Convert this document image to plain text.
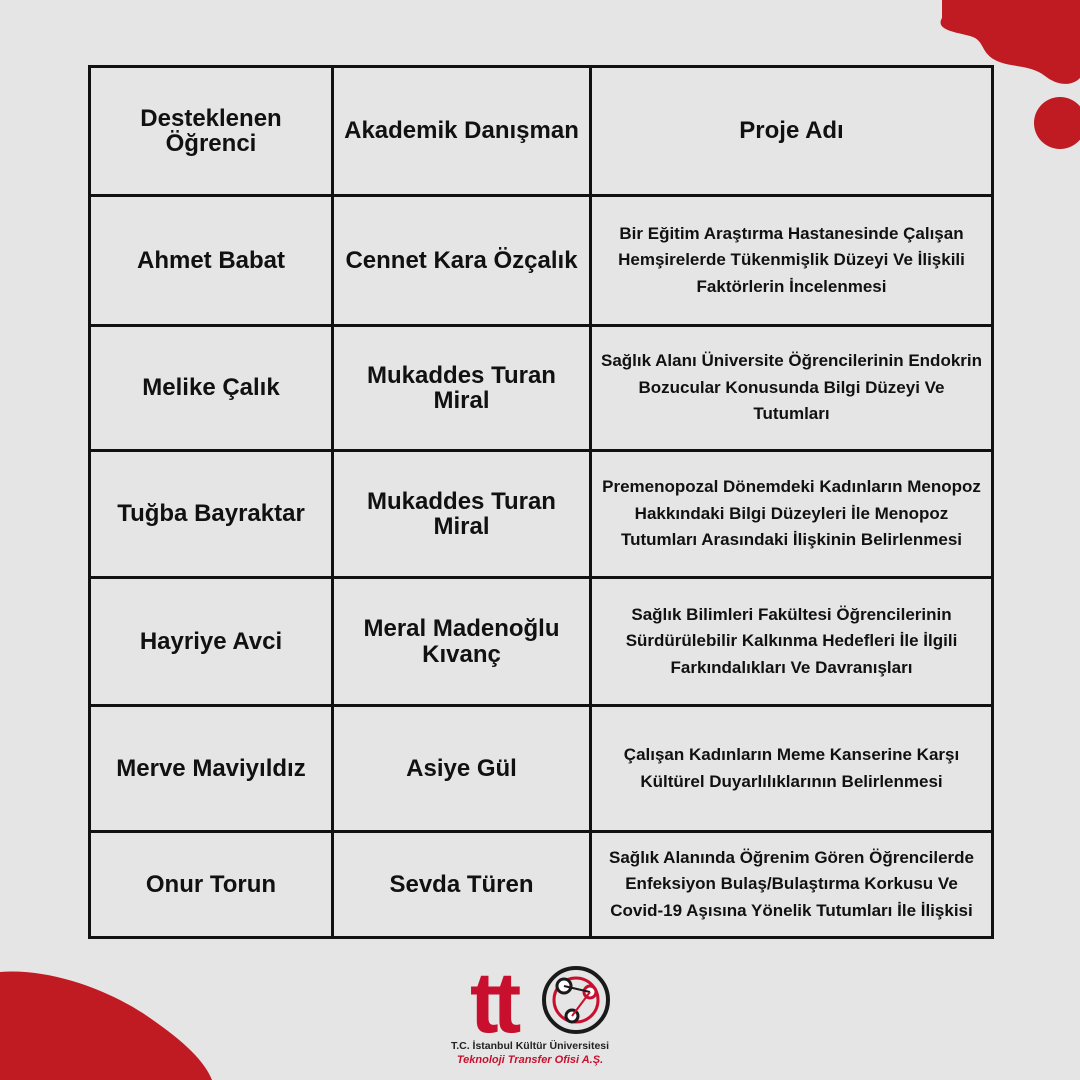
Desteklenen Öğrenci	Akademik Danışman	Proje Adı
Ahmet Babat	Cennet Kara Özçalık	Bir Eğitim Araştırma Hastanesinde Çalışan Hemşirelerde Tükenmişlik Düzeyi Ve İlişkili Faktörlerin İncelenmesi
Melike Çalık	Mukaddes Turan Miral	Sağlık Alanı Üniversite Öğrencilerinin Endokrin Bozucular Konusunda Bilgi Düzeyi Ve Tutumları
Tuğba Bayraktar	Mukaddes Turan Miral	Premenopozal Dönemdeki Kadınların Menopoz Hakkındaki Bilgi Düzeyleri İle Menopoz Tutumları Arasındaki İlişkinin Belirlenmesi
Hayriye Avci	Meral Madenoğlu Kıvanç	Sağlık Bilimleri Fakültesi Öğrencilerinin Sürdürülebilir Kalkınma Hedefleri İle İlgili Farkındalıkları Ve Davranışları
Merve Maviyıldız	Asiye Gül	Çalışan Kadınların Meme Kanserine Karşı Kültürel Duyarlılıklarının Belirlenmesi
Onur Torun	Sevda Türen	Sağlık Alanında Öğrenim Gören Öğrencilerde Enfeksiyon Bulaş/Bulaştırma Korkusu Ve Covid-19 Aşısına Yönelik Tutumları İle İlişkisi
tt
T.C. İstanbul Kültür Üniversitesi
Teknoloji Transfer Ofisi A.Ş.
